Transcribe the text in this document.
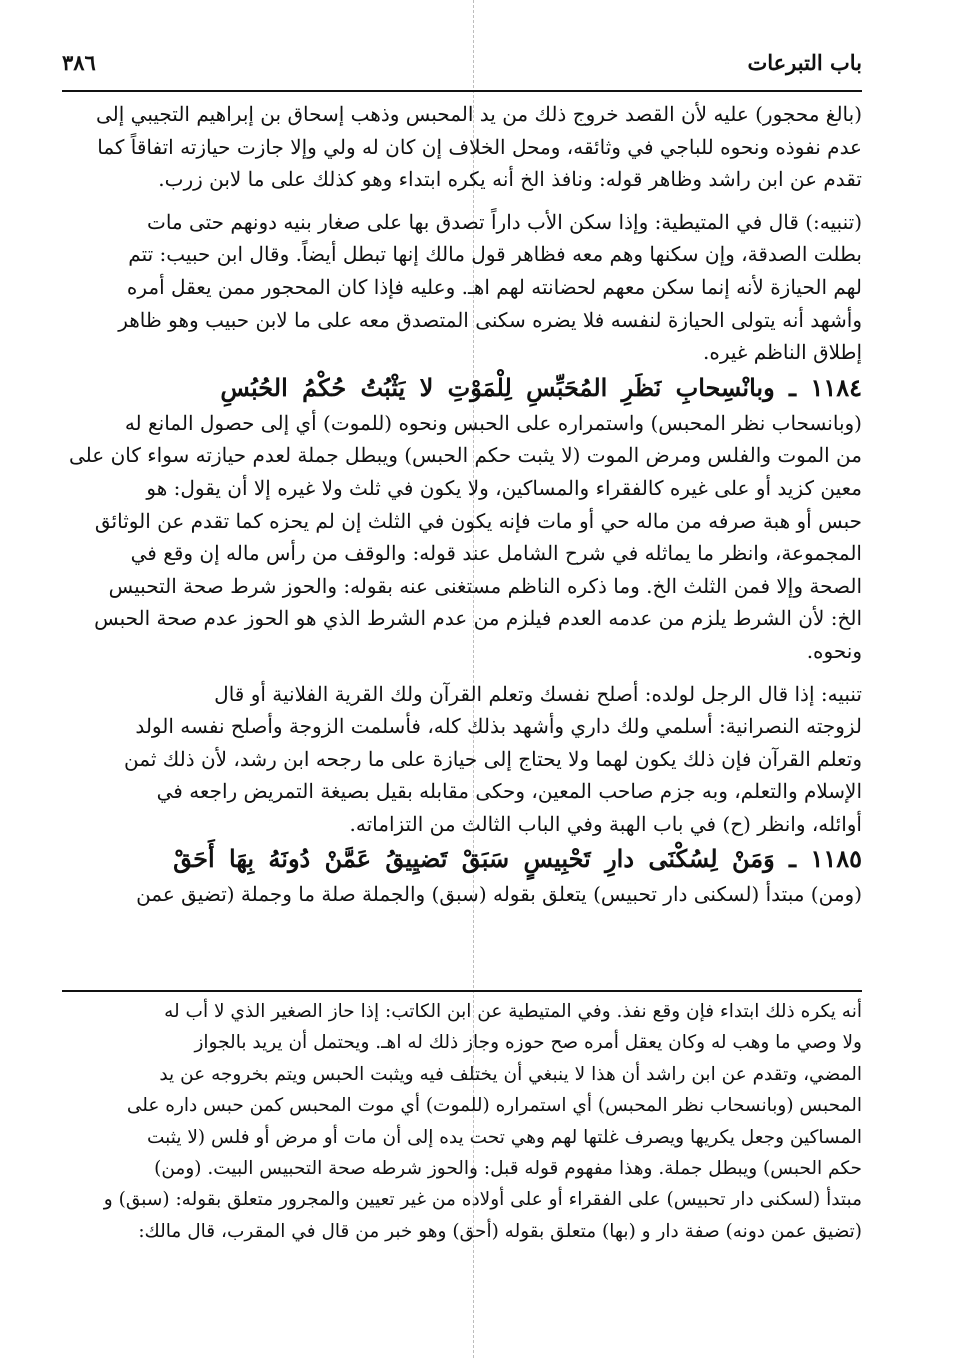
باب التبرعات
٣٨٦

(بالغ محجور) عليه لأن القصد خروج ذلك من يد المحبس وذهب إسحاق بن إبراهيم التجيبي إلى

عدم نفوذه ونحوه للباجي في وثائقه، ومحل الخلاف إن كان له ولي وإلا جازت حيازته اتفاقاً كما

تقدم عن ابن راشد وظاهر قوله: ونافذ الخ أنه يكره ابتداء وهو كذلك على ما لابن زرب.

(تنبيه:) قال في المتيطية: وإذا سكن الأب داراً تصدق بها على صغار بنيه دونهم حتى مات

بطلت الصدقة، وإن سكنها وهم معه فظاهر قول مالك إنها تبطل أيضاً. وقال ابن حبيب: تتم

لهم الحيازة لأنه إنما سكن معهم لحضانته لهم اهـ. وعليه فإذا كان المحجور ممن يعقل أمره

وأشهد أنه يتولى الحيازة لنفسه فلا يضره سكنى المتصدق معه على ما لابن حبيب وهو ظاهر

إطلاق الناظم غيره.

١١٨٤ ـ وبانْسِحابِ نَظَرِ المُحَبِّسِ لِلْمَوْتِ لا يَثْبُتُ حُكْمُ الحُبُسِ

(وبانسحاب نظر المحبس) واستمراره على الحبس ونحوه (للموت) أي إلى حصول المانع له

من الموت والفلس ومرض الموت (لا يثبت حكم الحبس) ويبطل جملة لعدم حيازته سواء كان على

معين كزيد أو على غيره كالفقراء والمساكين، ولا يكون في ثلث ولا غيره إلا أن يقول: هو

حبس أو هبة صرفه من ماله حي أو مات فإنه يكون في الثلث إن لم يحزه كما تقدم عن الوثائق

المجموعة، وانظر ما يماثله في شرح الشامل عند قوله: والوقف من رأس ماله إن وقع في

الصحة وإلا فمن الثلث الخ. وما ذكره الناظم مستغنى عنه بقوله: والحوز شرط صحة التحبيس

الخ: لأن الشرط يلزم من عدمه العدم فيلزم من عدم الشرط الذي هو الحوز عدم صحة الحبس

ونحوه.

تنبيه: إذا قال الرجل لولده: أصلح نفسك وتعلم القرآن ولك القرية الفلانية أو قال

لزوجته النصرانية: أسلمي ولك داري وأشهد بذلك كله، فأسلمت الزوجة وأصلح نفسه الولد

وتعلم القرآن فإن ذلك يكون لهما ولا يحتاج إلى حيازة على ما رجحه ابن رشد، لأن ذلك ثمن

الإسلام والتعلم، وبه جزم صاحب المعين، وحكى مقابله بقيل بصيغة التمريض راجعه في

أوائله، وانظر (ح) في باب الهبة وفي الباب الثالث من التزاماته.

١١٨٥ ـ وَمَنْ لِسُكْنَى دارِ تَحْبِيسٍ سَبَقْ تَضيِيقُ عَمَّنْ دُونَهُ بِهَا أَحَقْ

(ومن) مبتدأ (لسكنى دار تحبيس) يتعلق بقوله (سبق) والجملة صلة ما وجملة (تضيق عمن

أنه يكره ذلك ابتداء فإن وقع نفذ. وفي المتيطية عن ابن الكاتب: إذا حاز الصغير الذي لا أب له

ولا وصي ما وهب له وكان يعقل أمره صح حوزه وجاز ذلك له اهـ. ويحتمل أن يريد بالجواز

المضي، وتقدم عن ابن راشد أن هذا لا ينبغي أن يختلف فيه ويثبت الحبس ويتم بخروجه عن يد

المحبس (وبانسحاب نظر المحبس) أي استمراره (للموت) أي موت المحبس كمن حبس داره على

المساكين وجعل يكريها ويصرف غلتها لهم وهي تحت يده إلى أن مات أو مرض أو فلس (لا يثبت

حكم الحبس) ويبطل جملة. وهذا مفهوم قوله قبل: والحوز شرطه صحة التحبيس البيت. (ومن)

مبتدأ (لسكنى دار تحبيس) على الفقراء أو على أولاده من غير تعيين والمجرور متعلق بقوله: (سبق) و

(تضيق عمن دونه) صفة دار و (بها) متعلق بقوله (أحق) وهو خبر من قال في المقرب، قال مالك:
